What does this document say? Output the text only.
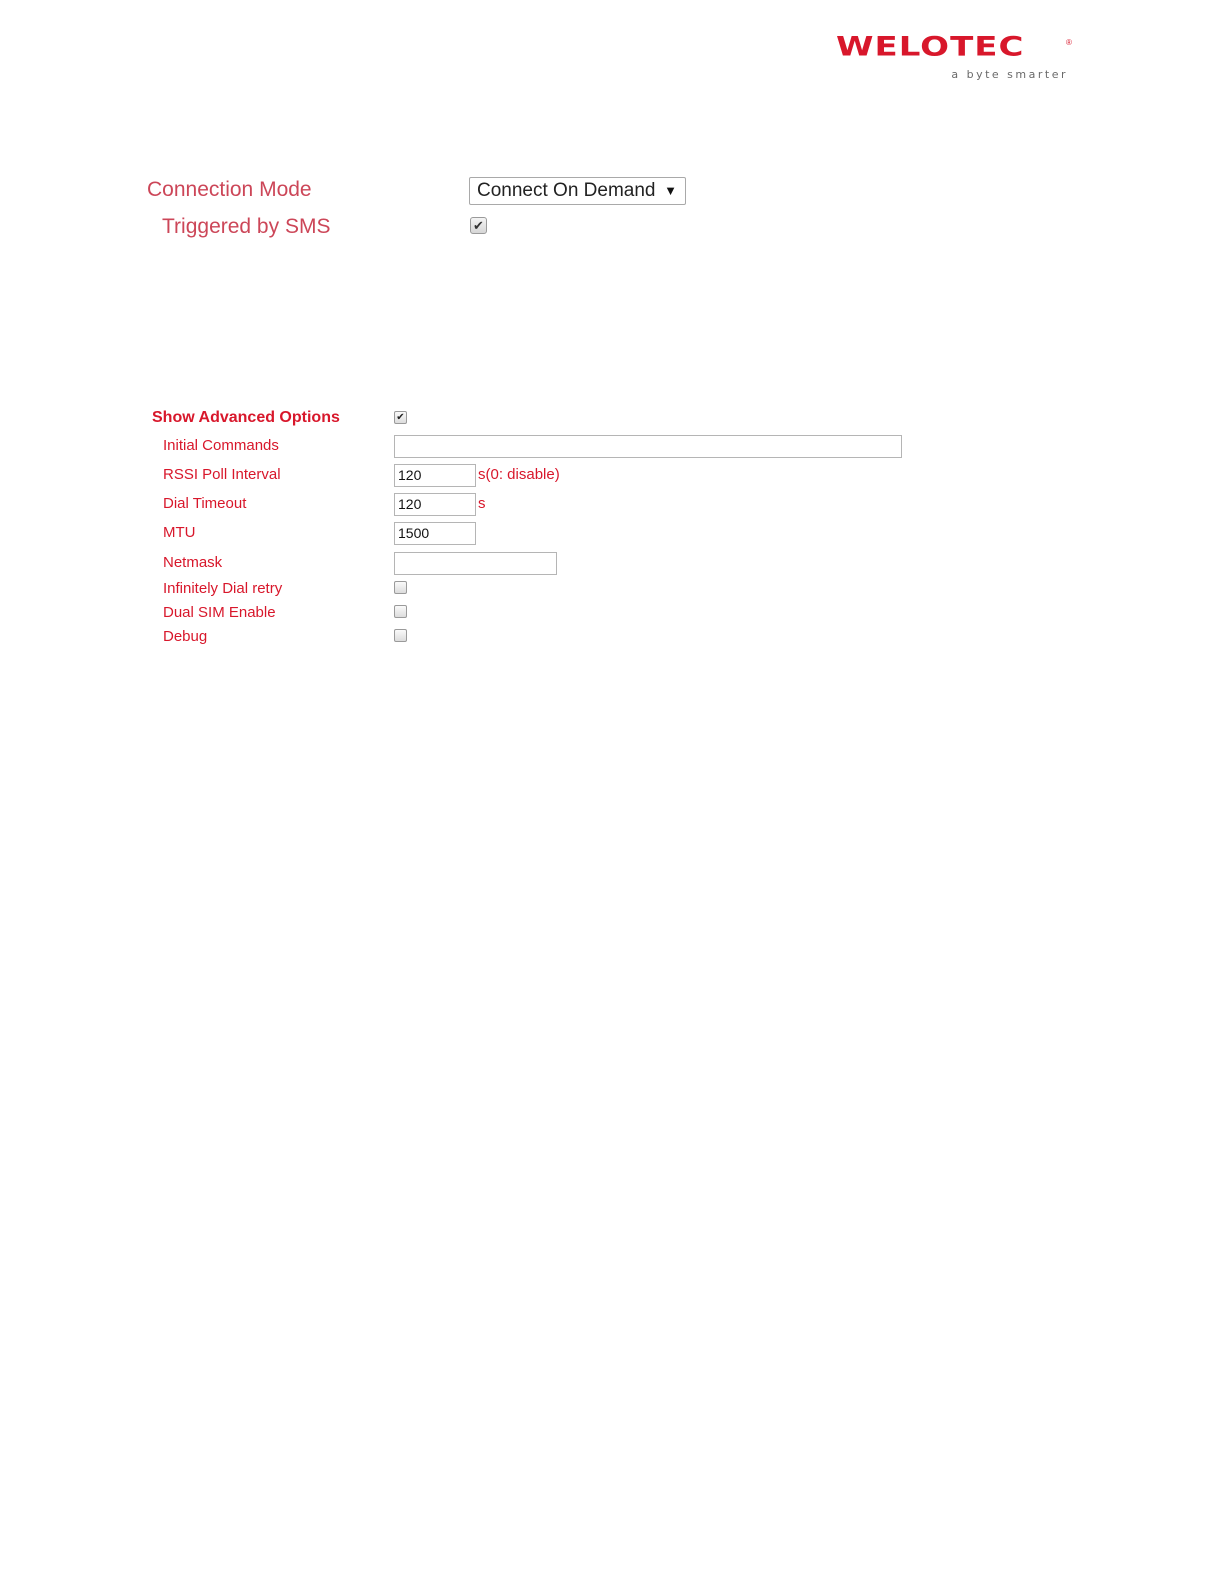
WELOTEC	®
a byte smarter
Connection Mode	Connect On Demand ▼
Triggered by SMS	✔
Show Advanced Options	✔
Initial Commands
RSSI Poll Interval	120	s(0: disable)
Dial Timeout	120	s
MTU	1500
Netmask
Infinitely Dial retry
Dual SIM Enable
Debug
